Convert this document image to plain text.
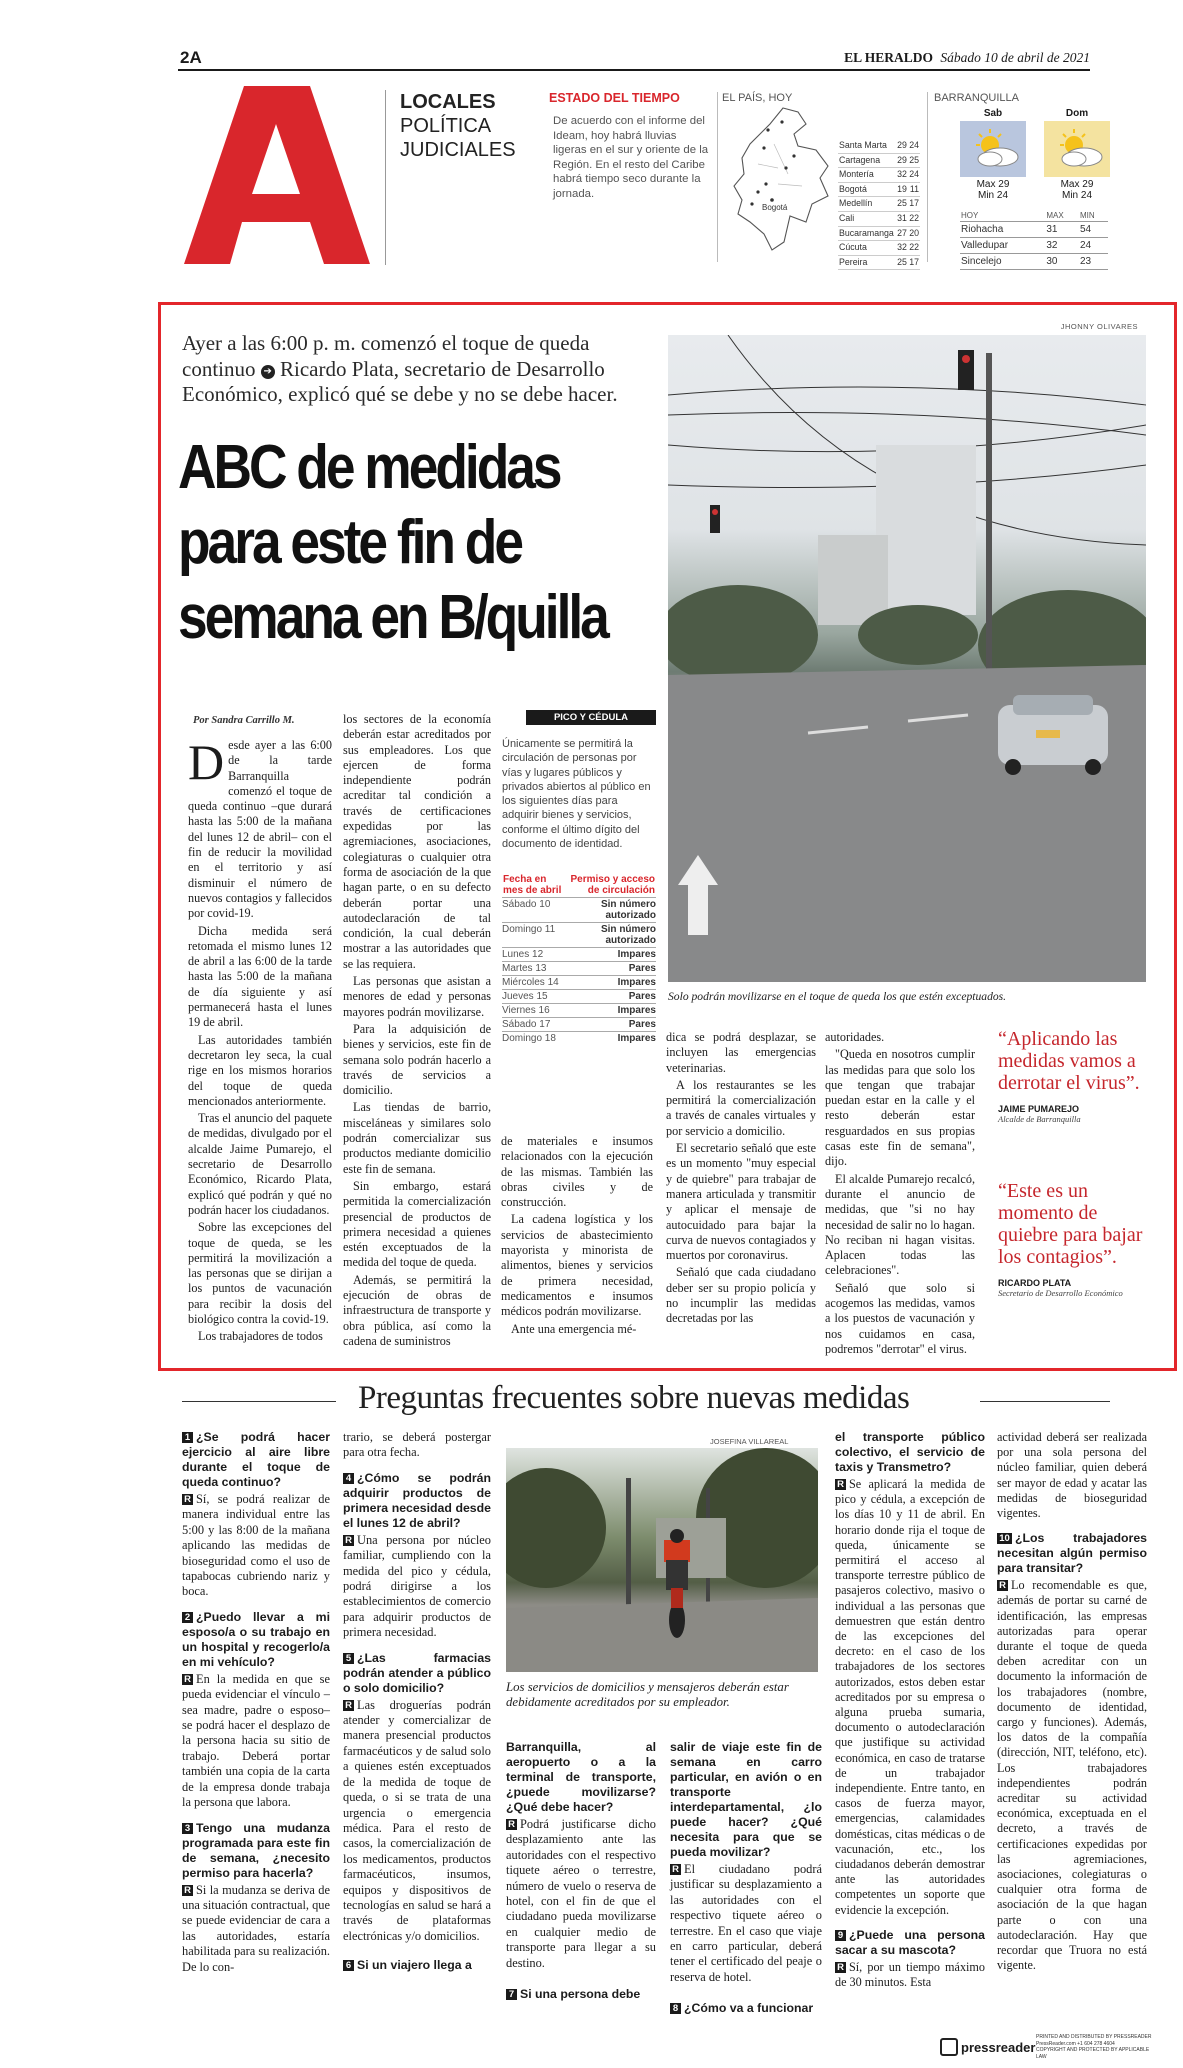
2A	EL HERALDO Sábado 10 de abril de 2021
LOCALES
POLÍTICA
JUDICIALES
ESTADO DEL TIEMPO
De acuerdo con el informe del Ideam, hoy habrá lluvias ligeras en el sur y oriente de la Región. En el resto del Caribe habrá tiempo seco durante la jornada.
EL PAÍS, HOY
Bogotá
Santa Marta	29	24
Cartagena	29	25
Montería	32	24
Bogotá	19	11
Medellín	25	17
Cali	31	22
Bucaramanga	27	20
Cúcuta	32	22
Pereira	25	17
BARRANQUILLA
Sab
Max 29
Min 24
Dom
Max 29
Min 24
HOY	MAX	MIN
Riohacha	31	54
Valledupar	32	24
Sincelejo	30	23
Ayer a las 6:00 p. m. comenzó el toque de queda
continuo ➔ Ricardo Plata, secretario de Desarrollo
Económico, explicó qué se debe y no se debe hacer.
ABC de medidas
para este fin de
semana en B/quilla
JHONNY OLIVARES
Solo podrán movilizarse en el toque de queda los que estén exceptuados.
Por Sandra Carrillo M.
D esde ayer a las 6:00 de la tarde Barranquilla comenzó el toque de queda continuo –que durará hasta las 5:00 de la mañana del lunes 12 de abril– con el fin de reducir la movilidad en el territorio y así disminuir el número de nuevos contagios y fallecidos por covid-19.

Dicha medida será retomada el mismo lunes 12 de abril a las 6:00 de la tarde hasta las 5:00 de la mañana de día siguiente y así permanecerá hasta el lunes 19 de abril.

Las autoridades también decretaron ley seca, la cual rige en los mismos horarios del toque de queda mencionados anteriormente.

Tras el anuncio del paquete de medidas, divulgado por el alcalde Jaime Pumarejo, el secretario de Desarrollo Económico, Ricardo Plata, explicó qué podrán y qué no podrán hacer los ciudadanos.

Sobre las excepciones del toque de queda, se les permitirá la movilización a las personas que se dirijan a los puntos de vacunación para recibir la dosis del biológico contra la covid-19.

Los trabajadores de todos

los sectores de la economía deberán estar acreditados por sus empleadores. Los que ejercen de forma independiente podrán acreditar tal condición a través de certificaciones expedidas por las agremiaciones, asociaciones, colegiaturas o cualquier otra forma de asociación de la que hagan parte, o en su defecto deberán portar una autodeclaración de tal condición, la cual deberán mostrar a las autoridades que se las requiera.

Las personas que asistan a menores de edad y personas mayores podrán movilizarse.

Para la adquisición de bienes y servicios, este fin de semana solo podrán hacerlo a través de servicios a domicilio.

Las tiendas de barrio, misceláneas y similares solo podrán comercializar sus productos mediante domicilio este fin de semana.

Sin embargo, estará permitida la comercialización presencial de productos de primera necesidad a quienes estén exceptuados de la medida del toque de queda.

Además, se permitirá la ejecución de obras de infraestructura de transporte y obra pública, así como la cadena de suministros

PICO Y CÉDULA
Únicamente se permitirá la circulación de personas por vías y lugares públicos y privados abiertos al público en los siguientes días para adquirir bienes y servicios, conforme el último dígito del documento de identidad.
Fecha en mes de abril	Permiso y acceso de circulación
Sábado 10	Sin número autorizado
Domingo 11	Sin número autorizado
Lunes 12	Impares
Martes 13	Pares
Miércoles 14	Impares
Jueves 15	Pares
Viernes 16	Impares
Sábado 17	Pares
Domingo 18	Impares

de materiales e insumos relacionados con la ejecución de las mismas. También las obras civiles y de construcción.

La cadena logística y los servicios de abastecimiento mayorista y minorista de alimentos, bienes y servicios de primera necesidad, medicamentos e insumos médicos podrán movilizarse.

Ante una emergencia mé-

dica se podrá desplazar, se incluyen las emergencias veterinarias.

A los restaurantes se les permitirá la comercialización a través de canales virtuales y por servicio a domicilio.

El secretario señaló que este es un momento "muy especial y de quiebre" para trabajar de manera articulada y transmitir y aplicar el mensaje de autocuidado para bajar la curva de nuevos contagiados y muertos por coronavirus.

Señaló que cada ciudadano deber ser su propio policía y no incumplir las medidas decretadas por las

autoridades.

"Queda en nosotros cumplir las medidas para que solo los que tengan que trabajar puedan estar en la calle y el resto deberán estar resguardados en sus propias casas este fin de semana", dijo.

El alcalde Pumarejo recalcó, durante el anuncio de medidas, que "si no hay necesidad de salir no lo hagan. No reciban ni hagan visitas. Aplacen todas las celebraciones".

Señaló que solo si acogemos las medidas, vamos a los puestos de vacunación y nos cuidamos en casa, podremos "derrotar" el virus.

“Aplicando las medidas vamos a derrotar el virus”.
JAIME PUMAREJO
Alcalde de Barranquilla
“Este es un momento de quiebre para bajar los contagios”.
RICARDO PLATA
Secretario de Desarrollo Económico
Preguntas frecuentes sobre nuevas medidas
1 ¿Se podrá hacer ejercicio al aire libre durante el toque de queda continuo?

R Sí, se podrá realizar de manera individual entre las 5:00 y las 8:00 de la mañana aplicando las medidas de bioseguridad como el uso de tapabocas cubriendo nariz y boca.

2 ¿Puedo llevar a mi esposo/a o su trabajo en un hospital y recogerlo/a en mi vehículo?

R En la medida en que se pueda evidenciar el vínculo –sea madre, padre o esposo– se podrá hacer el desplazo de la persona hacia su sitio de trabajo. Deberá portar también una copia de la carta de la empresa donde trabaja la persona que labora.

3 Tengo una mudanza programada para este fin de semana, ¿necesito permiso para hacerla?

R Si la mudanza se deriva de una situación contractual, que se puede evidenciar de cara a las autoridades, estaría habilitada para su realización. De lo con-

trario, se deberá postergar para otra fecha.

4 ¿Cómo se podrán adquirir productos de primera necesidad desde el lunes 12 de abril?

R Una persona por núcleo familiar, cumpliendo con la medida del pico y cédula, podrá dirigirse a los establecimientos de comercio para adquirir productos de primera necesidad.

5 ¿Las farmacias podrán atender a público o solo domicilio?

R Las droguerías podrán atender y comercializar de manera presencial productos farmacéuticos y de salud solo a quienes estén exceptuados de la medida de toque de queda, o si se trata de una urgencia o emergencia médica. Para el resto de casos, la comercialización de los medicamentos, productos farmacéuticos, insumos, equipos y dispositivos de tecnologías en salud se hará a través de plataformas electrónicas y/o domicilios.

6 Si un viajero llega a
JOSEFINA VILLAREAL
Los servicios de domicilios y mensajeros deberán estar debidamente acreditados por su empleador.
Barranquilla, al aeropuerto o a la terminal de transporte, ¿puede movilizarse? ¿Qué debe hacer?

R Podrá justificarse dicho desplazamiento ante las autoridades con el respectivo tiquete aéreo o terrestre, número de vuelo o reserva de hotel, con el fin de que el ciudadano pueda movilizarse en cualquier medio de transporte para llegar a su destino.

7 Si una persona debe
salir de viaje este fin de semana en carro particular, en avión o en transporte interdepartamental, ¿lo puede hacer? ¿Qué necesita para que se pueda movilizar?

R El ciudadano podrá justificar su desplazamiento a las autoridades con el respectivo tiquete aéreo o terrestre. En el caso que viaje en carro particular, deberá tener el certificado del peaje o reserva de hotel.

8 ¿Cómo va a funcionar
el transporte público colectivo, el servicio de taxis y Transmetro?

R Se aplicará la medida de pico y cédula, a excepción de los días 10 y 11 de abril. En horario donde rija el toque de queda, únicamente se permitirá el acceso al transporte terrestre público de pasajeros colectivo, masivo o individual a las personas que demuestren que están dentro de las excepciones del decreto: en el caso de los trabajadores de los sectores autorizados, estos deben estar acreditados por su empresa o alguna prueba sumaria, documento o autodeclaración que justifique su actividad económica, en caso de tratarse de un trabajador independiente. Entre tanto, en casos de fuerza mayor, emergencias, calamidades domésticas, citas médicas o de vacunación, etc., los ciudadanos deberán demostrar ante las autoridades competentes un soporte que evidencie la excepción.

9 ¿Puede una persona sacar a su mascota?

R Sí, por un tiempo máximo de 30 minutos. Esta

actividad deberá ser realizada por una sola persona del núcleo familiar, quien deberá ser mayor de edad y acatar las medidas de bioseguridad vigentes.

10 ¿Los trabajadores necesitan algún permiso para transitar?

R Lo recomendable es que, además de portar su carné de identificación, las empresas autorizadas para operar durante el toque de queda deben acreditar con un documento la información de los trabajadores (nombre, documento de identidad, cargo y funciones). Además, los datos de la compañía (dirección, NIT, teléfono, etc). Los trabajadores independientes podrán acreditar su actividad económica, exceptuada en el decreto, a través de certificaciones expedidas por las agremiaciones, asociaciones, colegiaturas o cualquier otra forma de asociación de la que hagan parte o con una autodeclaración. Hay que recordar que Truora no está vigente.

pressreader
PRINTED AND DISTRIBUTED BY PRESSREADER
PressReader.com +1 604 278 4604
COPYRIGHT AND PROTECTED BY APPLICABLE LAW
